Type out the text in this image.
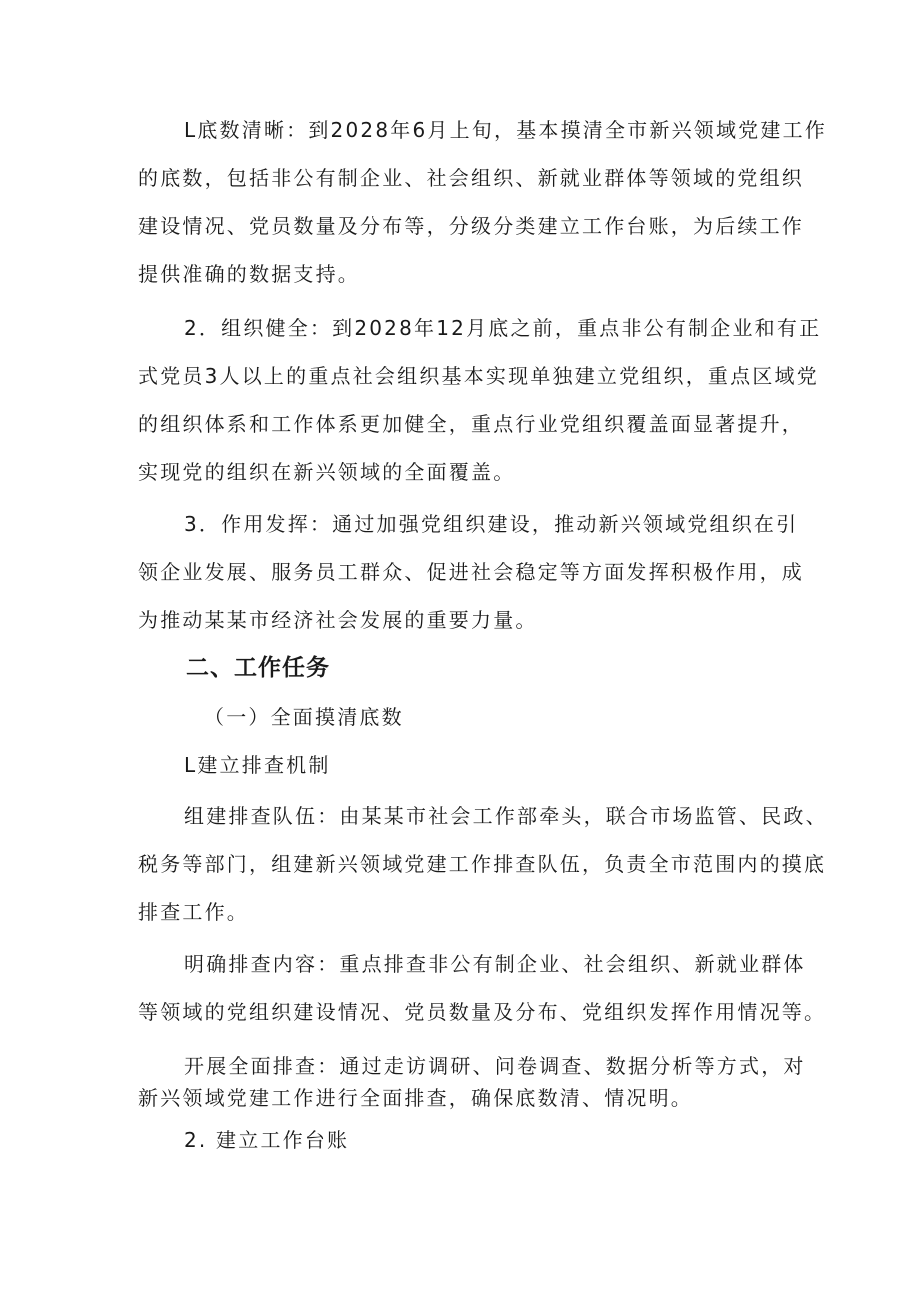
L底数清晰：到2028年6月上旬，基本摸清全市新兴领域党建工作
的底数，包括非公有制企业、社会组织、新就业群体等领域的党组织
建设情况、党员数量及分布等，分级分类建立工作台账，为后续工作
提供准确的数据支持。
2．组织健全：到2028年12月底之前，重点非公有制企业和有正
式党员3人以上的重点社会组织基本实现单独建立党组织，重点区域党
的组织体系和工作体系更加健全，重点行业党组织覆盖面显著提升，
实现党的组织在新兴领域的全面覆盖。
3．作用发挥：通过加强党组织建设，推动新兴领域党组织在引
领企业发展、服务员工群众、促进社会稳定等方面发挥积极作用，成
为推动某某市经济社会发展的重要力量。
二、工作任务
（一）全面摸清底数
L建立排查机制
组建排查队伍：由某某市社会工作部牵头，联合市场监管、民政、
税务等部门，组建新兴领域党建工作排查队伍，负责全市范围内的摸底
排查工作。
明确排查内容：重点排查非公有制企业、社会组织、新就业群体
等领域的党组织建设情况、党员数量及分布、党组织发挥作用情况等。
开展全面排查：通过走访调研、问卷调查、数据分析等方式，对
新兴领域党建工作进行全面排查，确保底数清、情况明。
2. 建立工作台账
